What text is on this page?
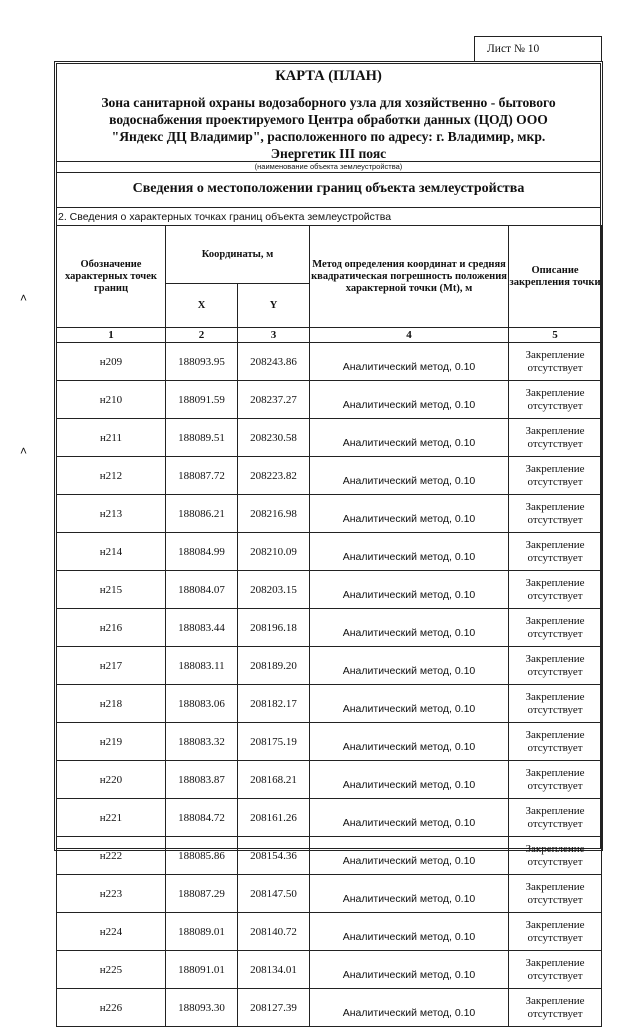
Лист № 10
˄
˄
КАРТА (ПЛАН)
Зона санитарной охраны водозаборного узла для хозяйственно - бытового
водоснабжения проектируемого Центра обработки данных (ЦОД) ООО
"Яндекс ДЦ Владимир", расположенного по адресу: г. Владимир, мкр.
Энергетик III пояс
(наименование объекта землеустройства)
Сведения о местоположении границ объекта землеустройства
2. Сведения о характерных точках границ объекта землеустройства
Обозначение характерных точек границ	Координаты, м		Метод определения координат и средняя квадратическая погрешность положения характерной точки (Mt), м	Описание закрепления точки
	X	Y		
1	2	3	4	5
н209	188093.95	208243.86	Аналитический метод, 0.10	Закрепление отсутствует
н210	188091.59	208237.27	Аналитический метод, 0.10	Закрепление отсутствует
н211	188089.51	208230.58	Аналитический метод, 0.10	Закрепление отсутствует
н212	188087.72	208223.82	Аналитический метод, 0.10	Закрепление отсутствует
н213	188086.21	208216.98	Аналитический метод, 0.10	Закрепление отсутствует
н214	188084.99	208210.09	Аналитический метод, 0.10	Закрепление отсутствует
н215	188084.07	208203.15	Аналитический метод, 0.10	Закрепление отсутствует
н216	188083.44	208196.18	Аналитический метод, 0.10	Закрепление отсутствует
н217	188083.11	208189.20	Аналитический метод, 0.10	Закрепление отсутствует
н218	188083.06	208182.17	Аналитический метод, 0.10	Закрепление отсутствует
н219	188083.32	208175.19	Аналитический метод, 0.10	Закрепление отсутствует
н220	188083.87	208168.21	Аналитический метод, 0.10	Закрепление отсутствует
н221	188084.72	208161.26	Аналитический метод, 0.10	Закрепление отсутствует
н222	188085.86	208154.36	Аналитический метод, 0.10	Закрепление отсутствует
н223	188087.29	208147.50	Аналитический метод, 0.10	Закрепление отсутствует
н224	188089.01	208140.72	Аналитический метод, 0.10	Закрепление отсутствует
н225	188091.01	208134.01	Аналитический метод, 0.10	Закрепление отсутствует
н226	188093.30	208127.39	Аналитический метод, 0.10	Закрепление отсутствует
